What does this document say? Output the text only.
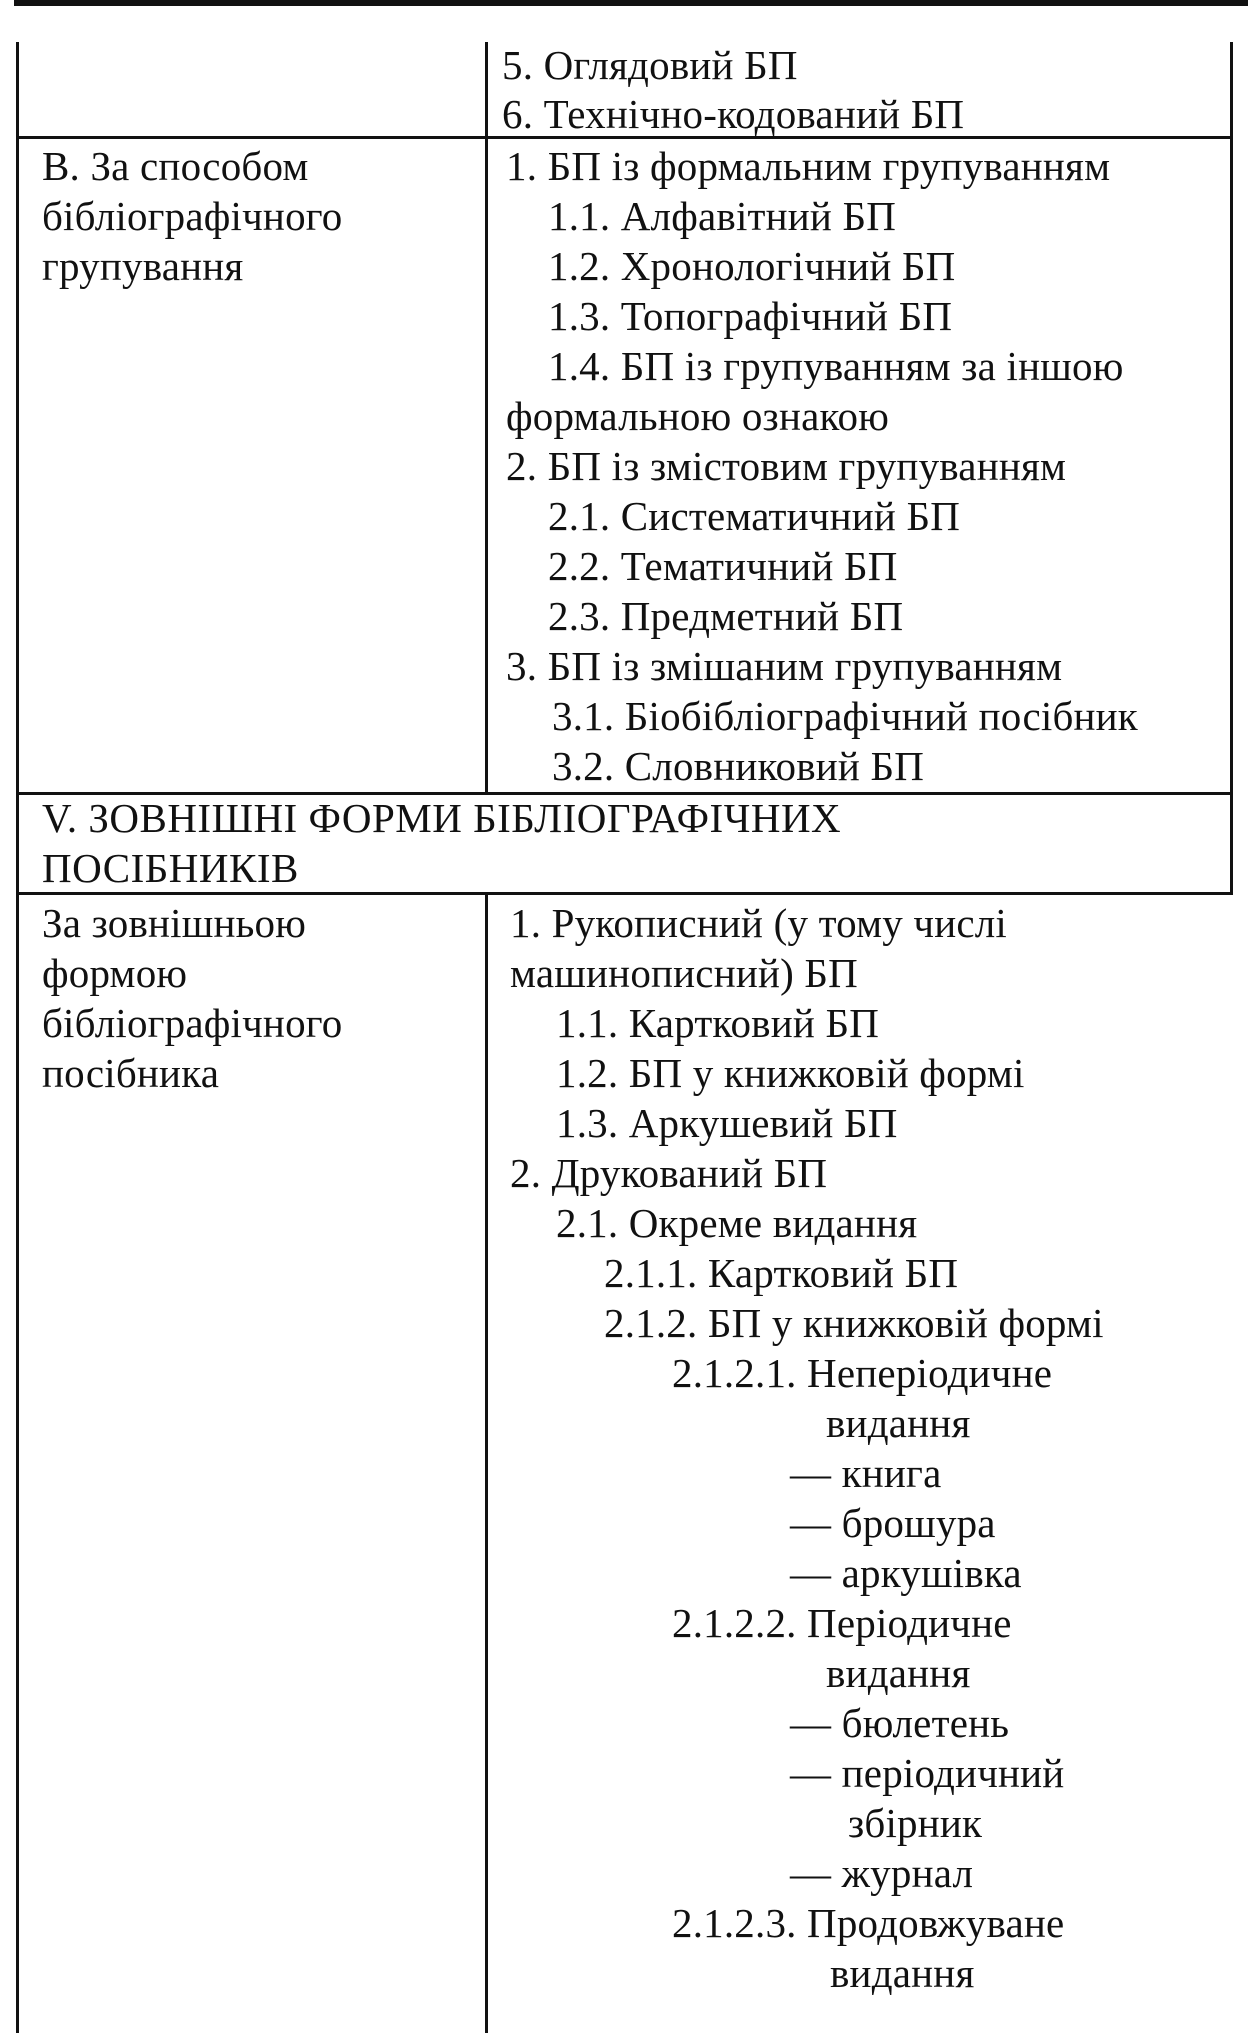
5. Оглядовий БП
6. Технічно-кодований БП
В. За способом
бібліографічного
групування
1. БП із формальним групуванням
1.1. Алфавітний БП
1.2. Хронологічний БП
1.3. Топографічний БП
1.4. БП із групуванням за іншою
формальною ознакою
2. БП із змістовим групуванням
2.1. Систематичний БП
2.2. Тематичний БП
2.3. Предметний БП
3. БП із змішаним групуванням
3.1. Біобібліографічний посібник
3.2. Словниковий БП
V. ЗОВНІШНІ ФОРМИ БІБЛІОГРАФІЧНИХ
ПОСІБНИКІВ
За зовнішньою
формою
бібліографічного
посібника
1. Рукописний (у тому числі
машинописний) БП
1.1. Картковий БП
1.2. БП у книжковій формі
1.3. Аркушевий БП
2. Друкований БП
2.1. Окреме видання
2.1.1. Картковий БП
2.1.2. БП у книжковій формі
2.1.2.1. Неперіодичне
видання
— книга
— брошура
— аркушівка
2.1.2.2. Періодичне
видання
— бюлетень
— періодичний
збірник
— журнал
2.1.2.3. Продовжуване
видання
